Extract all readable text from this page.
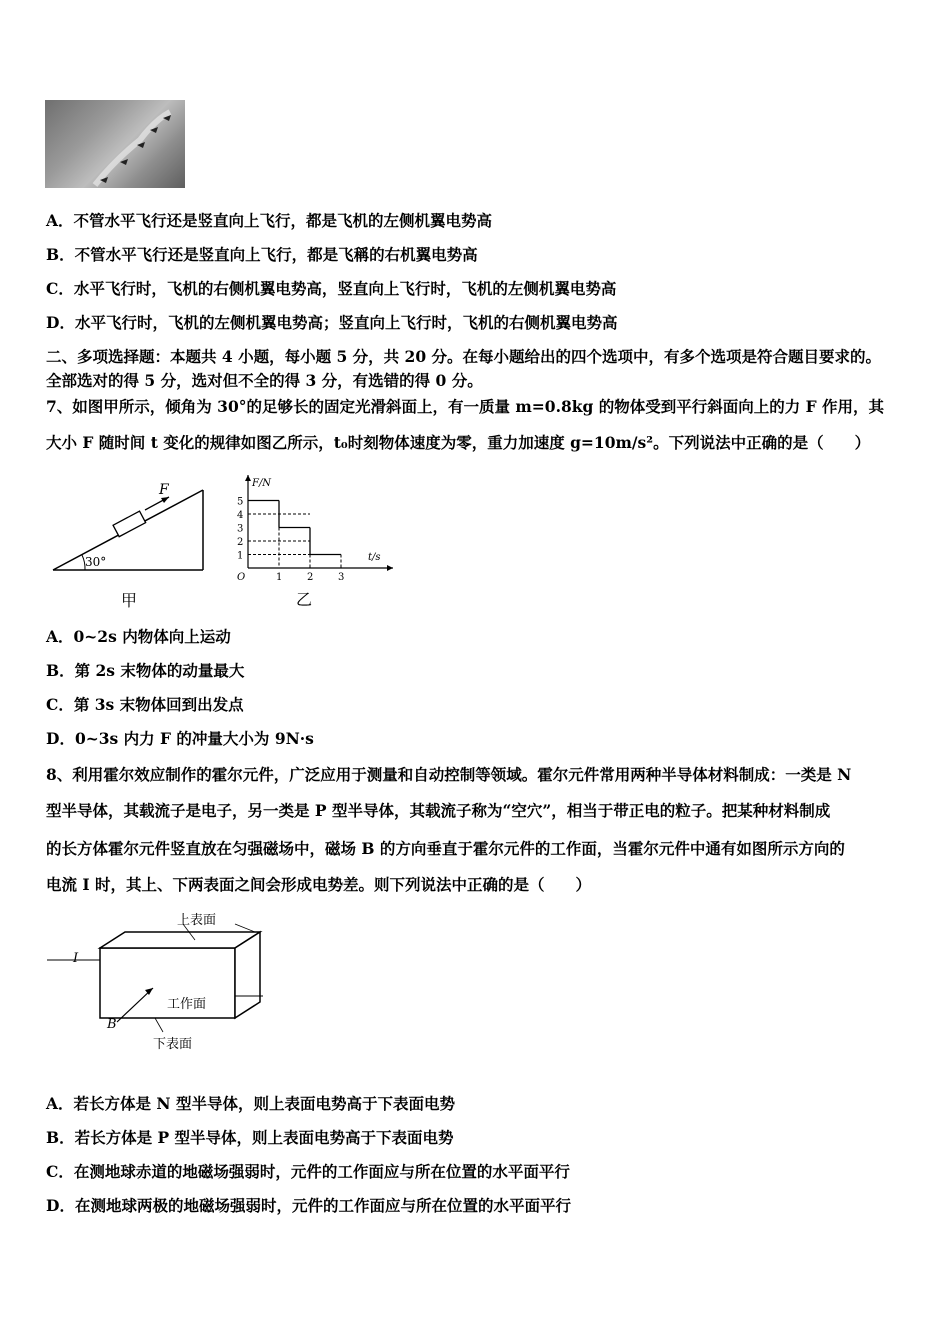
A．不管水平飞行还是竖直向上飞行，都是飞机的左侧机翼电势高
B．不管水平飞行还是竖直向上飞行，都是飞稱的右机翼电势高
C．水平飞行时，飞机的右侧机翼电势高，竖直向上飞行时，飞机的左侧机翼电势高
D．水平飞行时，飞机的左侧机翼电势高；竖直向上飞行时，飞机的右侧机翼电势高
二、多项选择题：本题共 4 小题，每小题 5 分，共 20 分。在每小题给出的四个选项中，有多个选项是符合题目要求的。
全部选对的得 5 分，选对但不全的得 3 分，有选错的得 0 分。
7、如图甲所示，倾角为 30°的足够长的固定光滑斜面上，有一质量 m=0.8kg 的物体受到平行斜面向上的力 F 作用，其
大小 F 随时间 t 变化的规律如图乙所示，t₀时刻物体速度为零，重力加速度 g=10m/s²。下列说法中正确的是（　　）
30°
F
甲
F/N
t/s
O
1
2
3
4
5
1 2 3
乙
A．0~2s 内物体向上运动
B．第 2s 末物体的动量最大
C．第 3s 末物体回到出发点
D．0~3s 内力 F 的冲量大小为 9N·s
8、利用霍尔效应制作的霍尔元件，广泛应用于测量和自动控制等领域。霍尔元件常用两种半导体材料制成：一类是 N
型半导体，其载流子是电子，另一类是 P 型半导体，其载流子称为“空穴”，相当于带正电的粒子。把某种材料制成
的长方体霍尔元件竖直放在匀强磁场中，磁场 B 的方向垂直于霍尔元件的工作面，当霍尔元件中通有如图所示方向的
电流 I 时，其上、下两表面之间会形成电势差。则下列说法中正确的是（　　）
I
上表面
B
工作面
下表面
A．若长方体是 N 型半导体，则上表面电势高于下表面电势
B．若长方体是 P 型半导体，则上表面电势高于下表面电势
C．在测地球赤道的地磁场强弱时，元件的工作面应与所在位置的水平面平行
D．在测地球两极的地磁场强弱时，元件的工作面应与所在位置的水平面平行
